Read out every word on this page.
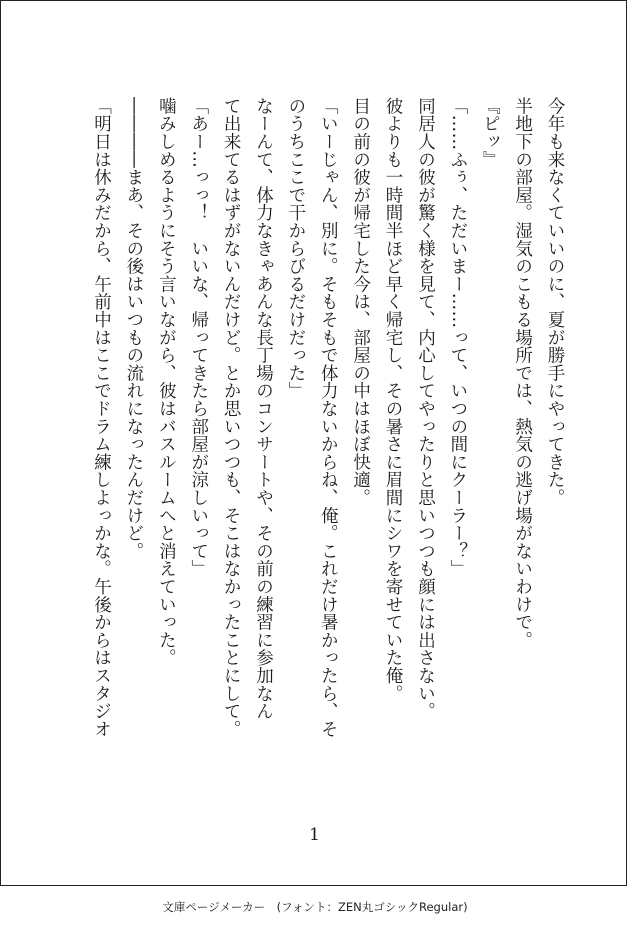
今年も来なくていいのに、夏が勝手にやってきた。
半地下の部屋。湿気のこもる場所では、熱気の逃げ場がないわけで。
『ピッ』
「……ふぅ、ただいまー……って、いつの間にクーラー？」
同居人の彼が驚く様を見て、内心してやったりと思いつつも顔には出さない。
彼よりも一時間半ほど早く帰宅し、その暑さに眉間にシワを寄せていた俺。
目の前の彼が帰宅した今は、部屋の中はほぼ快適。
「いーじゃん、別に。そもそもで体力ないからね、俺。これだけ暑かったら、そ
のうちここで干からびるだけだった」
なーんて、体力なきゃあんな長丁場のコンサートや、その前の練習に参加なん
て出来てるはずがないんだけど。とか思いつつも、そこはなかったことにして。
「あー…っっ！　いいな、帰ってきたら部屋が涼しいって」
噛みしめるようにそう言いながら、彼はバスルームへと消えていった。
――――まあ、その後はいつもの流れになったんだけど。
「明日は休みだから、午前中はここでドラム練しよっかな。午後からはスタジオ
1
文庫ページメーカー　(フォント：ZEN丸ゴシックRegular)
